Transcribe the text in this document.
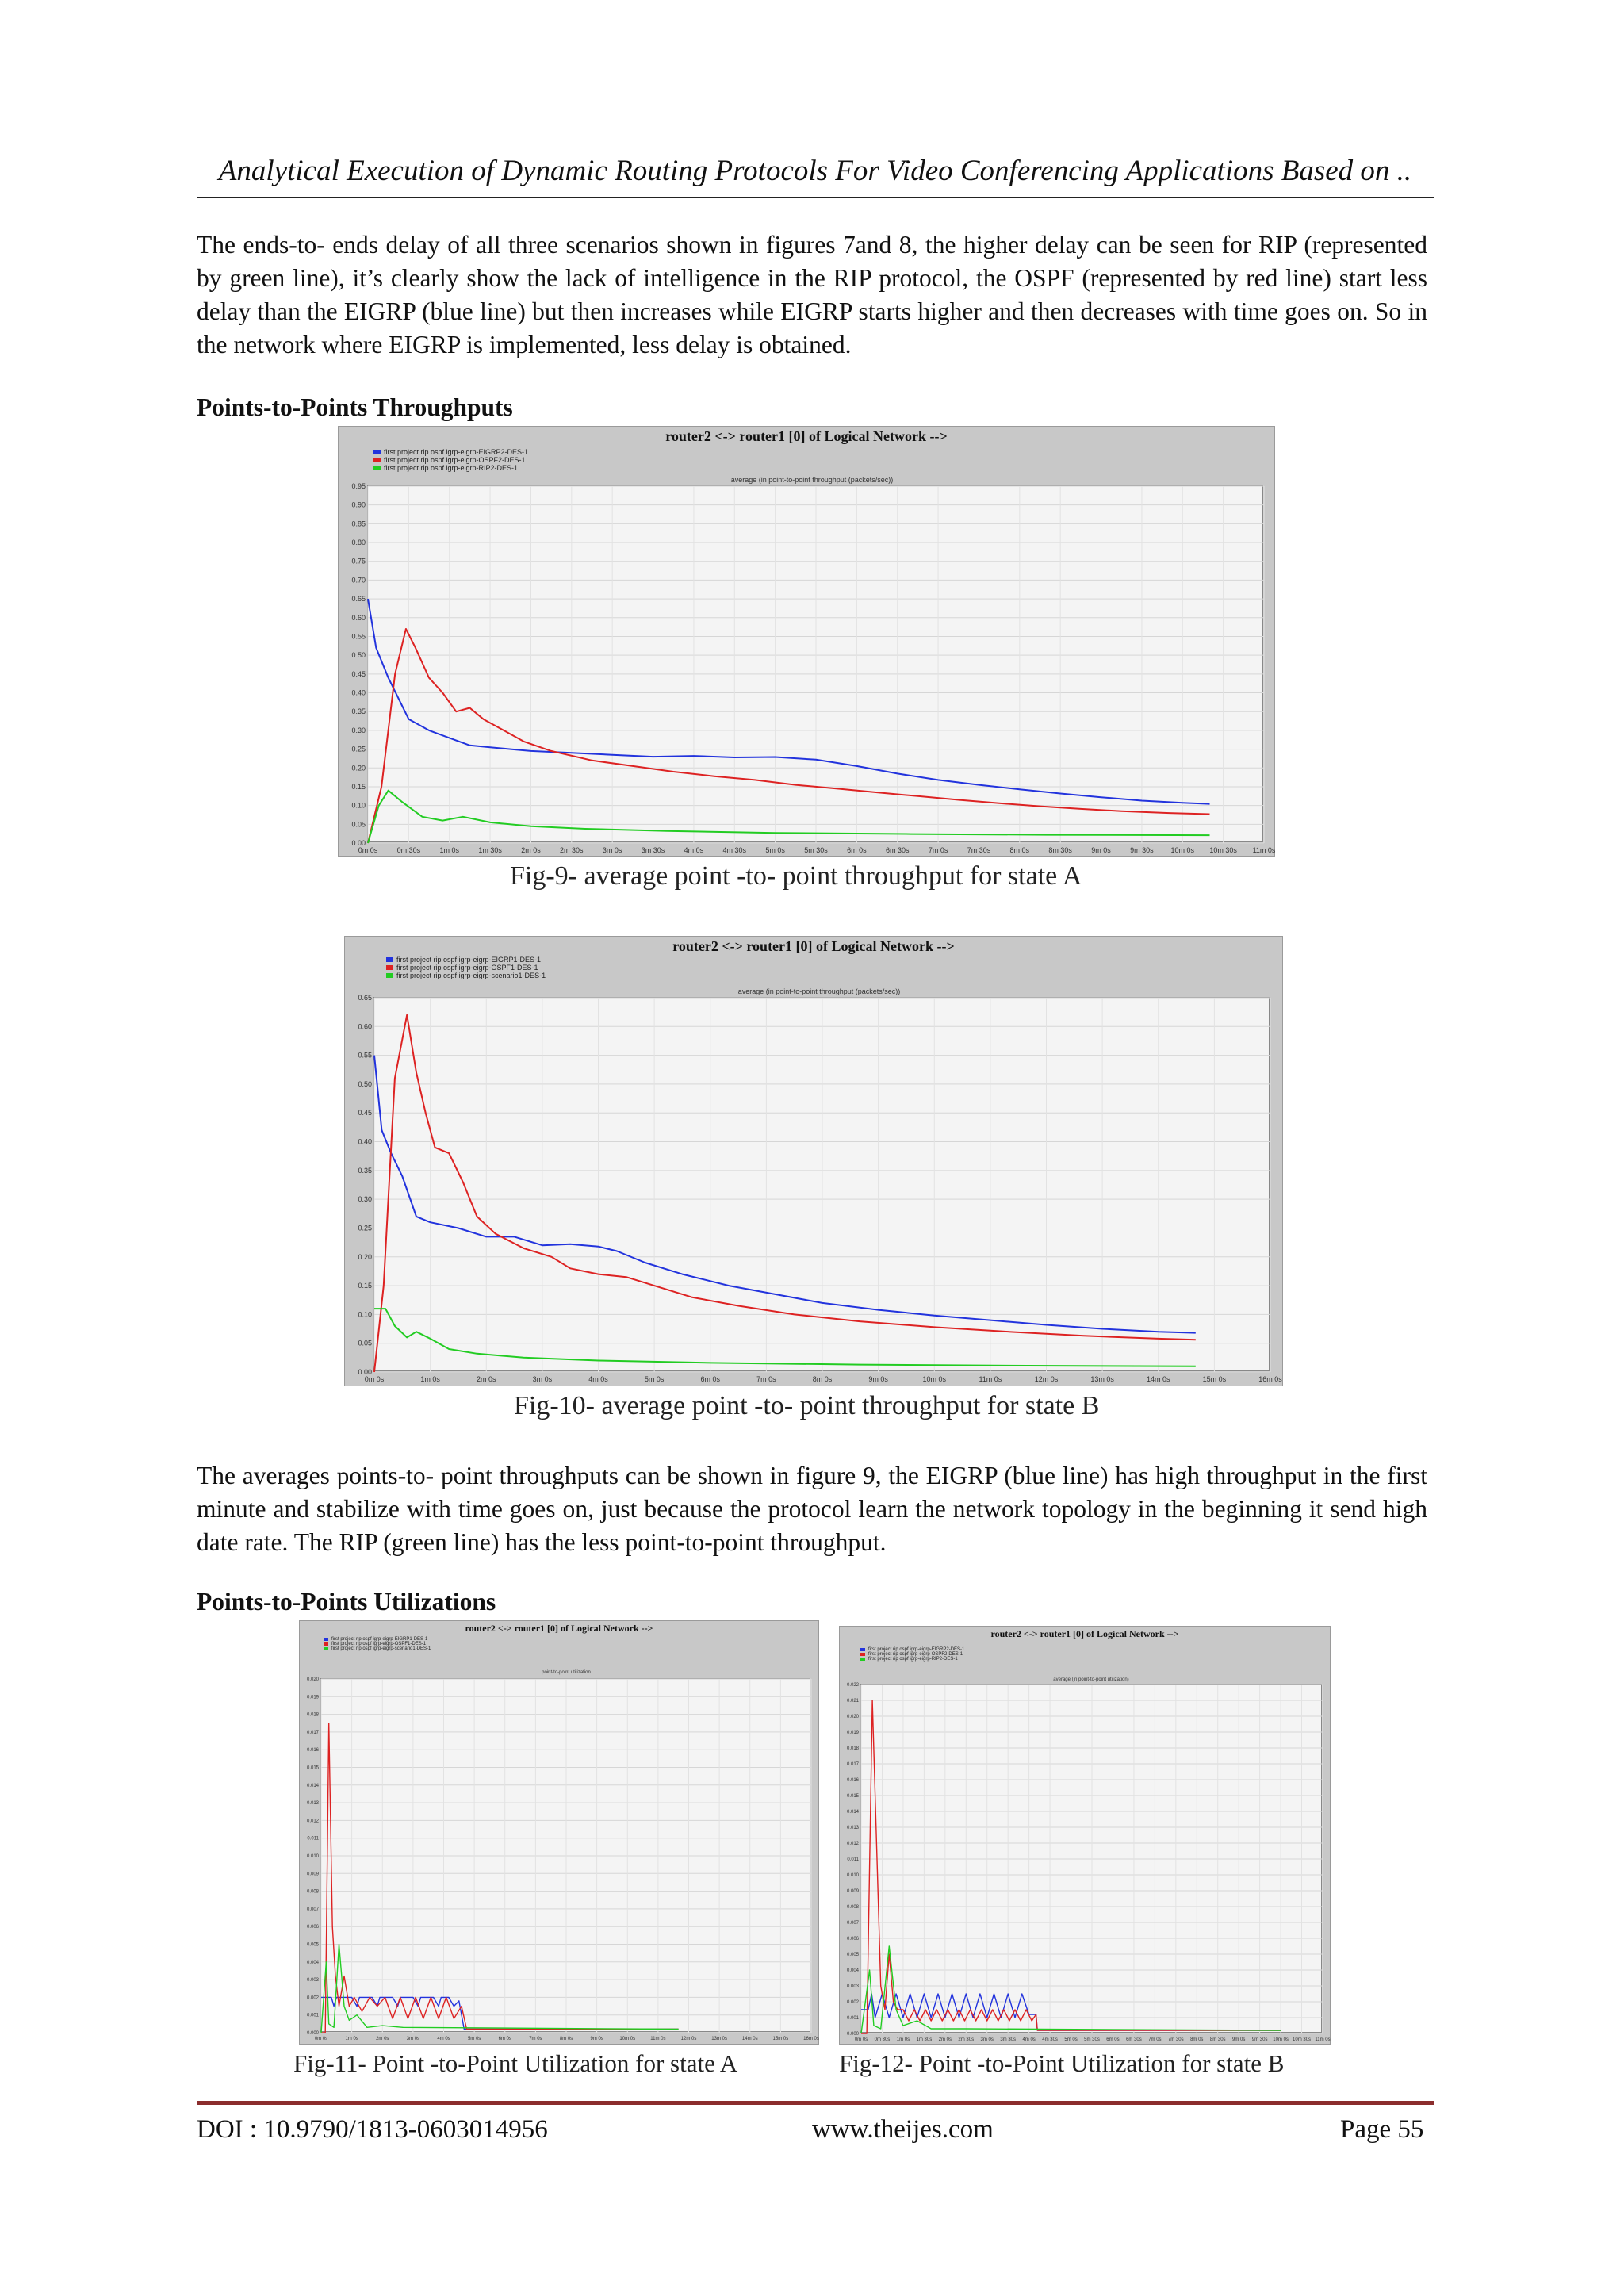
Analytical Execution of Dynamic Routing Protocols For Video Conferencing Applications Based on ..

The ends-to- ends delay of all three scenarios shown in figures 7and 8, the higher delay can be seen for RIP (represented by green line), it’s clearly show the lack of intelligence in the RIP protocol, the OSPF (represented by red line) start less delay than the EIGRP (blue line) but then increases while EIGRP starts higher and then decreases with time goes on. So in the network where EIGRP is implemented, less delay is obtained.

Points-to-Points Throughputs
router2 <-> router1 [0] of Logical Network -->
first project rip ospf igrp-eigrp-EIGRP2-DES-1
first project rip ospf igrp-eigrp-OSPF2-DES-1
first project rip ospf igrp-eigrp-RIP2-DES-1
average (in point-to-point throughput (packets/sec))
0.00
0.05
0.10
0.15
0.20
0.25
0.30
0.35
0.40
0.45
0.50
0.55
0.60
0.65
0.70
0.75
0.80
0.85
0.90
0.95
0m 0s	0m 30s	1m 0s	1m 30s	2m 0s	2m 30s	3m 0s	3m 30s	4m 0s	4m 30s	5m 0s	5m 30s	6m 0s	6m 30s	7m 0s	7m 30s	8m 0s	8m 30s	9m 0s	9m 30s 10m 0s 10m 30s 11m 0s
Fig-9- average point -to- point throughput for state A
router2 <-> router1 [0] of Logical Network -->
first project rip ospf igrp-eigrp-EIGRP1-DES-1
first project rip ospf igrp-eigrp-OSPF1-DES-1
first project rip ospf igrp-eigrp-scenario1-DES-1
average (in point-to-point throughput (packets/sec))
0.00
0.05
0.10
0.15
0.20
0.25
0.30
0.35
0.40
0.45
0.50
0.55
0.60
0.65
0m 0s	1m 0s	2m 0s	3m 0s	4m 0s	5m 0s	6m 0s	7m 0s	8m 0s	9m 0s	10m 0s	11m 0s	12m 0s	13m 0s	14m 0s	15m 0s	16m 0s
Fig-10- average point -to- point throughput for state B

The averages points-to- point throughputs can be shown in figure 9, the EIGRP (blue line) has high throughput in the first minute and stabilize with time goes on, just because the protocol learn the network topology in the beginning it send high date rate. The RIP (green line) has the less point-to-point throughput.

Points-to-Points Utilizations
router2 <-> router1 [0] of Logical Network -->
first project rip ospf igrp-eigrp-EIGRP1-DES-1
first project rip ospf igrp-eigrp-OSPF1-DES-1
first project rip ospf igrp-eigrp-scenario1-DES-1
point-to-point utilization
0.000
0.001
0.002
0.003
0.004
0.005
0.006
0.007
0.008
0.009
0.010
0.011
0.012
0.013
0.014
0.015
0.016
0.017
0.018
0.019
0.020
0m 0s	1m 0s	2m 0s	3m 0s	4m 0s	5m 0s	6m 0s	7m 0s	8m 0s	9m 0s	10m 0s	11m 0s	12m 0s	13m 0s	14m 0s	15m 0s	16m 0s
Fig-11- Point -to-Point Utilization for state A
router2 <-> router1 [0] of Logical Network -->
first project rip ospf igrp-eigrp-EIGRP2-DES-1
first project rip ospf igrp-eigrp-OSPF2-DES-1
first project rip ospf igrp-eigrp-RIP2-DES-1
average (in point-to-point utilization)
0.000
0.001
0.002
0.003
0.004
0.005
0.006
0.007
0.008
0.009
0.010
0.011
0.012
0.013
0.014
0.015
0.016
0.017
0.018
0.019
0.020
0.021
0.022
0m 0s 0m 30s 1m 0s 1m 30s 2m 0s 2m 30s 3m 0s 3m 30s 4m 0s 4m 30s 5m 0s 5m 30s 6m 0s 6m 30s 7m 0s 7m 30s 8m 0s 8m 30s 9m 0s 9m 30s 10m 0s 10m 30s 11m 0s
Fig-12- Point -to-Point Utilization for state B
DOI : 10.9790/1813-0603014956	www.theijes.com	Page 55
